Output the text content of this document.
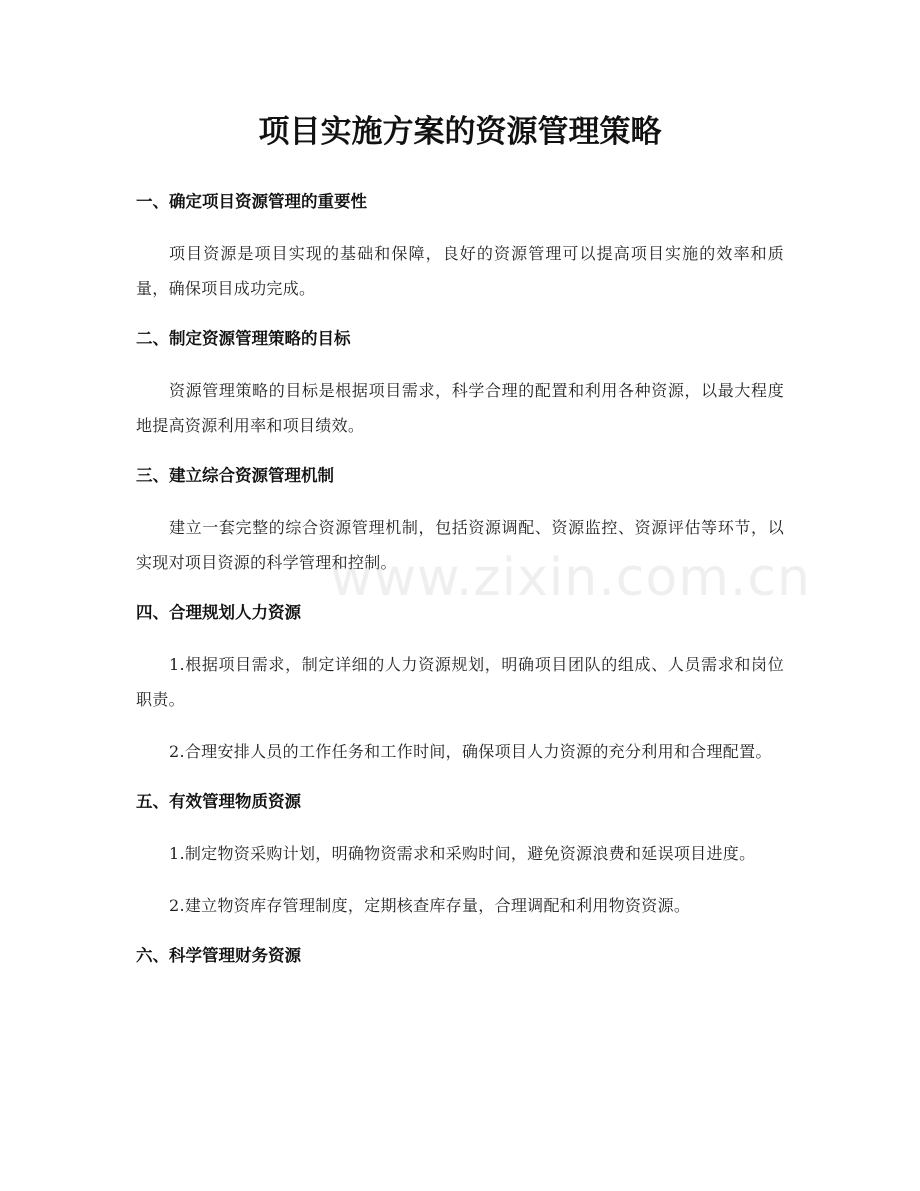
项目实施方案的资源管理策略
一、确定项目资源管理的重要性

项目资源是项目实现的基础和保障，良好的资源管理可以提高项目实施的效率和质量，确保项目成功完成。

二、制定资源管理策略的目标

资源管理策略的目标是根据项目需求，科学合理的配置和利用各种资源，以最大程度地提高资源利用率和项目绩效。

三、建立综合资源管理机制

建立一套完整的综合资源管理机制，包括资源调配、资源监控、资源评估等环节，以实现对项目资源的科学管理和控制。

四、合理规划人力资源

1.根据项目需求，制定详细的人力资源规划，明确项目团队的组成、人员需求和岗位职责。

2.合理安排人员的工作任务和工作时间，确保项目人力资源的充分利用和合理配置。

五、有效管理物质资源

1.制定物资采购计划，明确物资需求和采购时间，避免资源浪费和延误项目进度。

2.建立物资库存管理制度，定期核查库存量，合理调配和利用物资资源。

六、科学管理财务资源
www.zixin.com.cn
